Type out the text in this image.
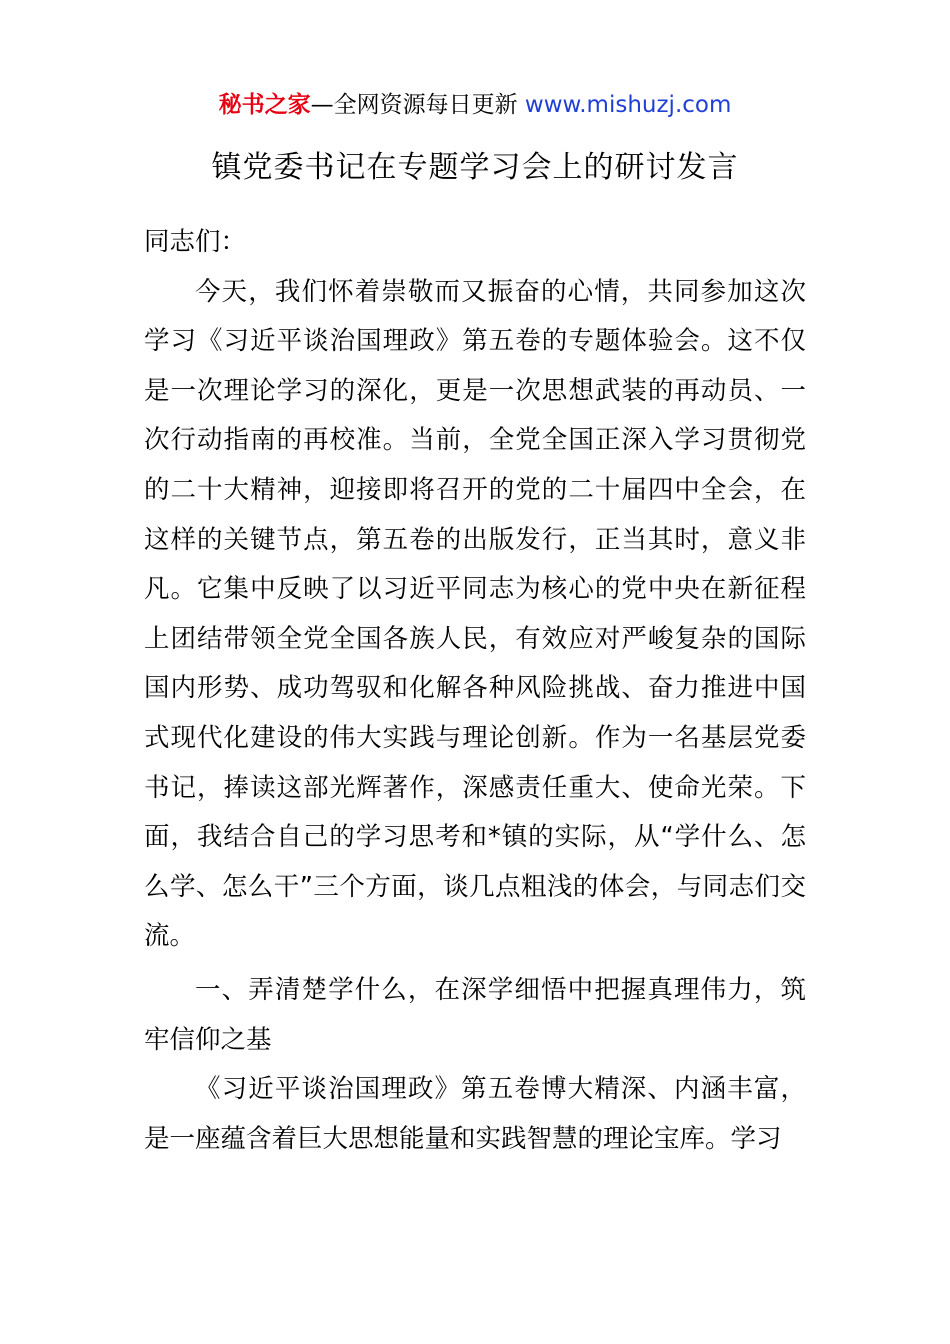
秘书之家—全网资源每日更新 www.mishuzj.com
镇党委书记在专题学习会上的研讨发言

同志们：

今天，我们怀着崇敬而又振奋的心情，共同参加这次学习《习近平谈治国理政》第五卷的专题体验会。这不仅是一次理论学习的深化，更是一次思想武装的再动员、一次行动指南的再校准。当前，全党全国正深入学习贯彻党的二十大精神，迎接即将召开的党的二十届四中全会，在这样的关键节点，第五卷的出版发行，正当其时，意义非凡。它集中反映了以习近平同志为核心的党中央在新征程上团结带领全党全国各族人民，有效应对严峻复杂的国际国内形势、成功驾驭和化解各种风险挑战、奋力推进中国式现代化建设的伟大实践与理论创新。作为一名基层党委书记，捧读这部光辉著作，深感责任重大、使命光荣。下面，我结合自己的学习思考和*镇的实际，从“学什么、怎么学、怎么干”三个方面，谈几点粗浅的体会，与同志们交流。

一、弄清楚学什么，在深学细悟中把握真理伟力，筑牢信仰之基

《习近平谈治国理政》第五卷博大精深、内涵丰富，是一座蕴含着巨大思想能量和实践智慧的理论宝库。学习
